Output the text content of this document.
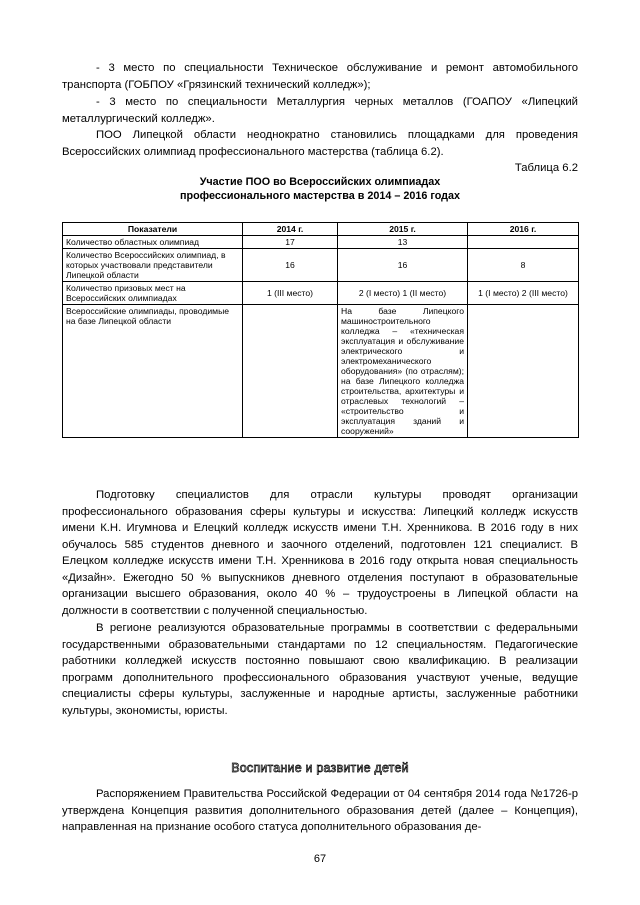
- 3 место по специальности Техническое обслуживание и ремонт автомобильного транспорта (ГОБПОУ «Грязинский технический колледж»);

- 3 место по специальности Металлургия черных металлов (ГОАПОУ «Липецкий металлургический колледж».

ПОО Липецкой области неоднократно становились площадками для проведения Всероссийских олимпиад профессионального мастерства (таблица 6.2).

Таблица 6.2

Участие ПОО во Всероссийских олимпиадах

профессионального мастерства в 2014 – 2016 годах

Показатели	2014 г.	2015 г.	2016 г.
Количество областных олимпиад	17	13	
Количество Всероссийских олимпиад, в которых участвовали представители Липецкой области	16	16	8
Количество призовых мест на Всероссийских олимпиадах	1 (III место)	2 (I место) 1 (II место)	1 (I место) 2 (III место)
Всероссийские олимпиады, проводимые на базе Липецкой области		На базе Липецкого машиностроительного колледжа – «техническая эксплуатация и обслуживание электрического и электромеханического оборудования» (по отраслям); на базе Липецкого колледжа строительства, архитектуры и отраслевых технологий – «строительство и эксплуатация зданий и сооружений»	

Подготовку специалистов для отрасли культуры проводят организации профессионального образования сферы культуры и искусства: Липецкий колледж искусств имени К.Н. Игумнова и Елецкий колледж искусств имени Т.Н. Хренникова. В 2016 году в них обучалось 585 студентов дневного и заочного отделений, подготовлен 121 специалист. В Елецком колледже искусств имени Т.Н. Хренникова в 2016 году открыта новая специальность «Дизайн». Ежегодно 50 % выпускников дневного отделения поступают в образовательные организации высшего образования, около 40 % – трудоустроены в Липецкой области на должности в соответствии с полученной специальностью.

В регионе реализуются образовательные программы в соответствии с федеральными государственными образовательными стандартами по 12 специальностям. Педагогические работники колледжей искусств постоянно повышают свою квалификацию. В реализации программ дополнительного профессионального образования участвуют ученые, ведущие специалисты сферы культуры, заслуженные и народные артисты, заслуженные работники культуры, экономисты, юристы.

Воспитание и развитие детей

Распоряжением Правительства Российской Федерации от 04 сентября 2014 года №1726-р утверждена Концепция развития дополнительного образования детей (далее – Концепция), направленная на признание особого статуса дополнительного образования де-

67
